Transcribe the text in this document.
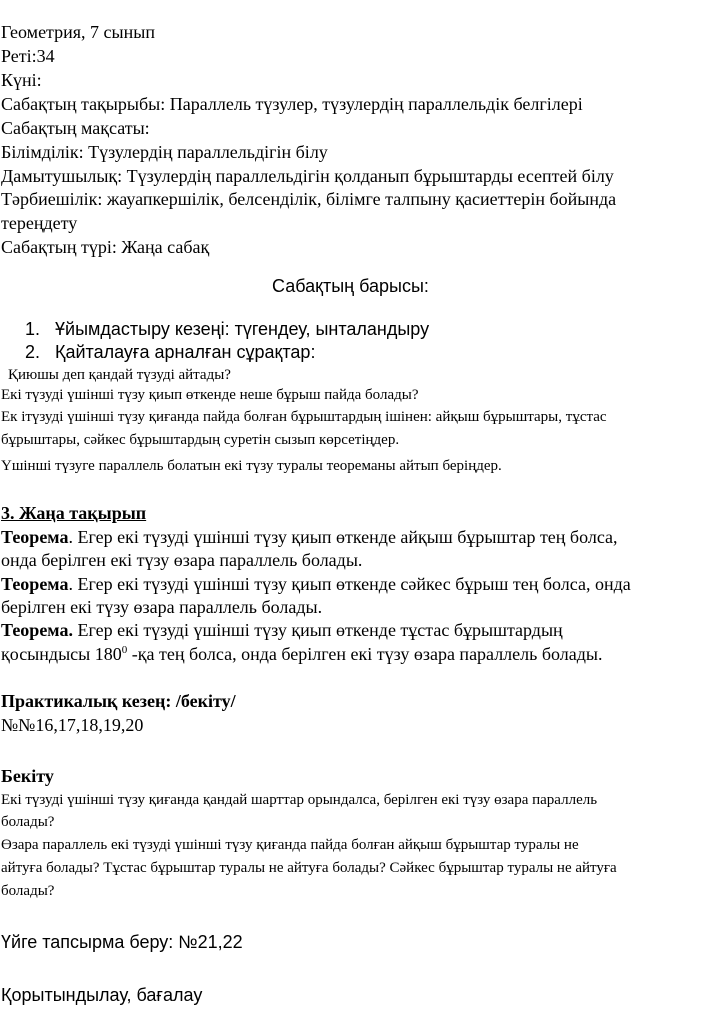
Геометрия, 7 сынып
Реті:34
Күні:
Сабақтың тақырыбы: Параллель түзулер, түзулердің параллельдік белгілері
Сабақтың мақсаты:
Білімділік: Түзулердің параллельдігін білу
Дамытушылық: Түзулердің параллельдігін қолданып бұрыштарды есептей білу
Тәрбиешілік: жауапкершілік, белсенділік, білімге талпыну қасиеттерін бойында
тереңдету
Сабақтың түрі: Жаңа сабақ
Сабақтың барысы:
1. Ұйымдастыру кезеңі: түгендеу, ынталандыру
2. Қайталауға арналған сұрақтар:
Қиюшы деп қандай түзуді айтады?
Екі түзуді үшінші түзу қиып өткенде неше бұрыш пайда болады?
Ек ітүзуді үшінші түзу қиғанда пайда болған бұрыштардың ішінен: айқыш бұрыштары, тұстас
бұрыштары, сәйкес бұрыштардың суретін сызып көрсетіңдер.
Үшінші түзуге параллель болатын екі түзу туралы теореманы айтып беріңдер.
3. Жаңа тақырып
Теорема. Егер екі түзуді үшінші түзу қиып өткенде айқыш бұрыштар тең болса,
онда берілген екі түзу өзара параллель болады.
Теорема. Егер екі түзуді үшінші түзу қиып өткенде сәйкес бұрыш тең болса, онда
берілген екі түзу өзара параллель болады.
Теорема. Егер екі түзуді үшінші түзу қиып өткенде тұстас бұрыштардың
қосындысы $180^0$ -қа тең болса, онда берілген екі түзу өзара параллель болады.
Практикалық кезең: /бекіту/
№№16,17,18,19,20
Бекіту
Екі түзуді үшінші түзу қиғанда қандай шарттар орындалса, берілген екі түзу өзара параллель
болады?
Өзара параллель екі түзуді үшінші түзу қиғанда пайда болған айқыш бұрыштар туралы не
айтуға болады? Тұстас бұрыштар туралы не айтуға болады? Сәйкес бұрыштар туралы не айтуға
болады?
Үйге тапсырма беру: №21,22
Қорытындылау, бағалау
